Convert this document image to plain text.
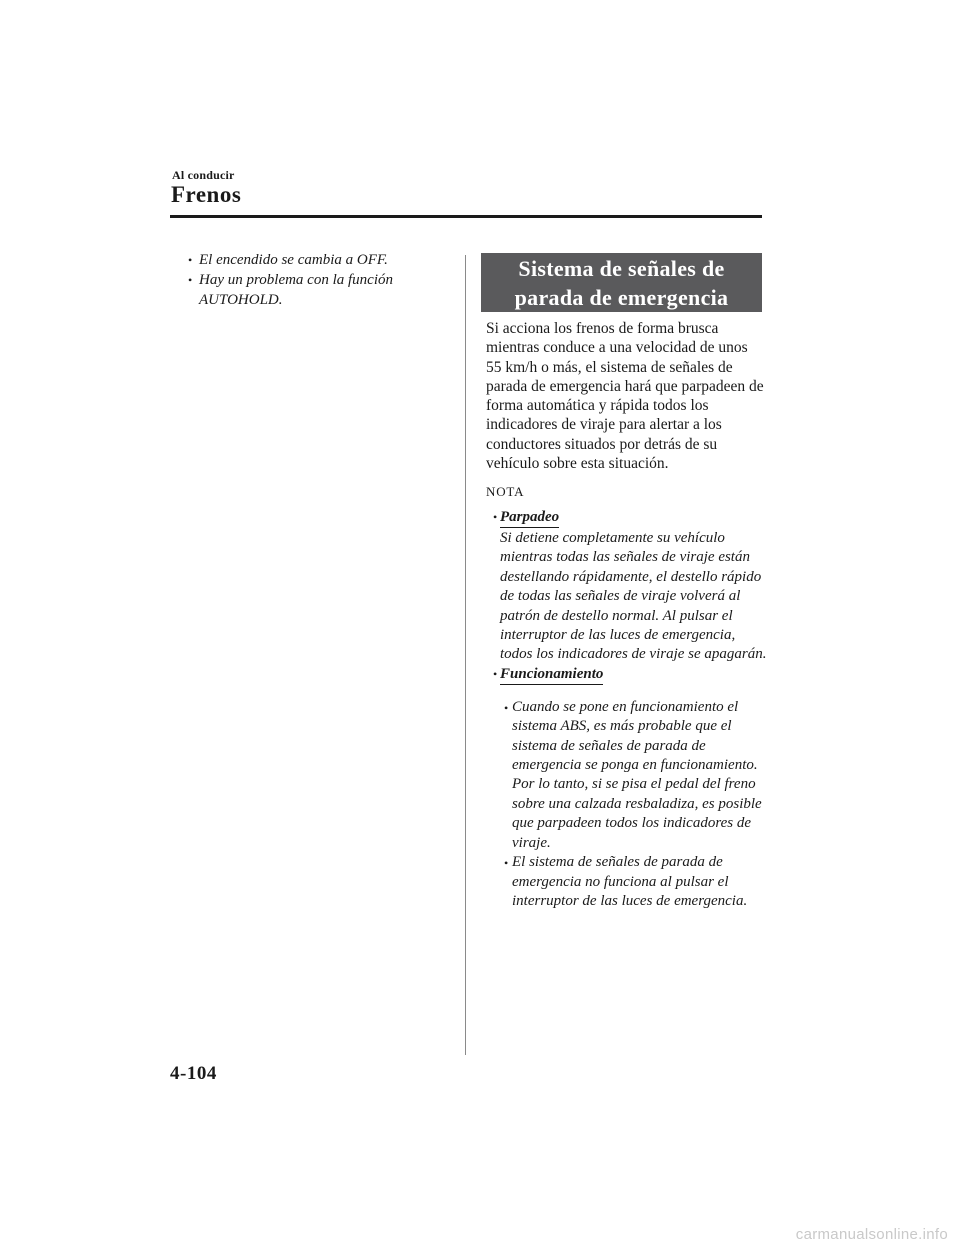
Al conducir
Frenos

• El encendido se cambia a OFF.

• Hay un problema con la función AUTOHOLD.

Sistema de señales de
parada de emergencia
Si acciona los frenos de forma brusca mientras conduce a una velocidad de unos 55 km/h o más, el sistema de señales de parada de emergencia hará que parpadeen de forma automática y rápida todos los indicadores de viraje para alertar a los conductores situados por detrás de su vehículo sobre esta situación.
NOTA
• Parpadeo

Si detiene completamente su vehículo mientras todas las señales de viraje están destellando rápidamente, el destello rápido de todas las señales de viraje volverá al patrón de destello normal. Al pulsar el interruptor de las luces de emergencia, todos los indicadores de viraje se apagarán.

• Funcionamiento
• Cuando se pone en funcionamiento el sistema ABS, es más probable que el sistema de señales de parada de emergencia se ponga en funcionamiento. Por lo tanto, si se pisa el pedal del freno sobre una calzada resbaladiza, es posible que parpadeen todos los indicadores de viraje.

• El sistema de señales de parada de emergencia no funciona al pulsar el interruptor de las luces de emergencia.

4-104
carmanualsonline.info
